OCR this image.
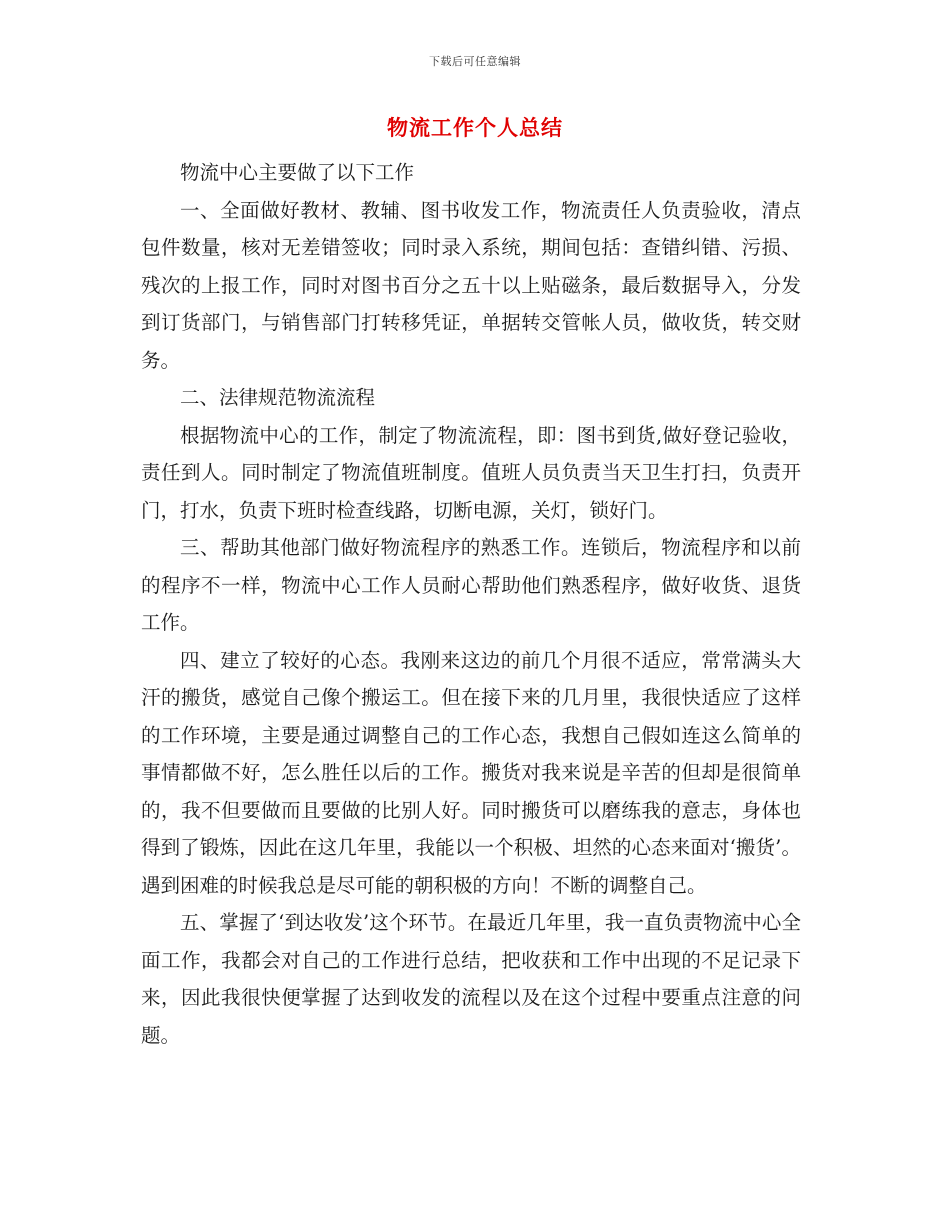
下载后可任意编辑
物流工作个人总结

物流中心主要做了以下工作

一、全面做好教材、教辅、图书收发工作，物流责任人负责验收，清点包件数量，核对无差错签收；同时录入系统，期间包括：查错纠错、污损、残次的上报工作，同时对图书百分之五十以上贴磁条，最后数据导入，分发到订货部门，与销售部门打转移凭证，单据转交管帐人员，做收货，转交财务。

二、法律规范物流流程

根据物流中心的工作，制定了物流流程，即：图书到货,做好登记验收，责任到人。同时制定了物流值班制度。值班人员负责当天卫生打扫，负责开门，打水，负责下班时检查线路，切断电源，关灯，锁好门。

三、帮助其他部门做好物流程序的熟悉工作。连锁后，物流程序和以前的程序不一样，物流中心工作人员耐心帮助他们熟悉程序，做好收货、退货工作。

四、建立了较好的心态。我刚来这边的前几个月很不适应，常常满头大汗的搬货，感觉自己像个搬运工。但在接下来的几月里，我很快适应了这样的工作环境，主要是通过调整自己的工作心态，我想自己假如连这么简单的事情都做不好，怎么胜任以后的工作。搬货对我来说是辛苦的但却是很简单的，我不但要做而且要做的比别人好。同时搬货可以磨练我的意志，身体也得到了锻炼，因此在这几年里，我能以一个积极、坦然的心态来面对‘搬货’。遇到困难的时候我总是尽可能的朝积极的方向！不断的调整自己。

五、掌握了‘到达收发’这个环节。在最近几年里，我一直负责物流中心全面工作，我都会对自己的工作进行总结，把收获和工作中出现的不足记录下来，因此我很快便掌握了达到收发的流程以及在这个过程中要重点注意的问题。
